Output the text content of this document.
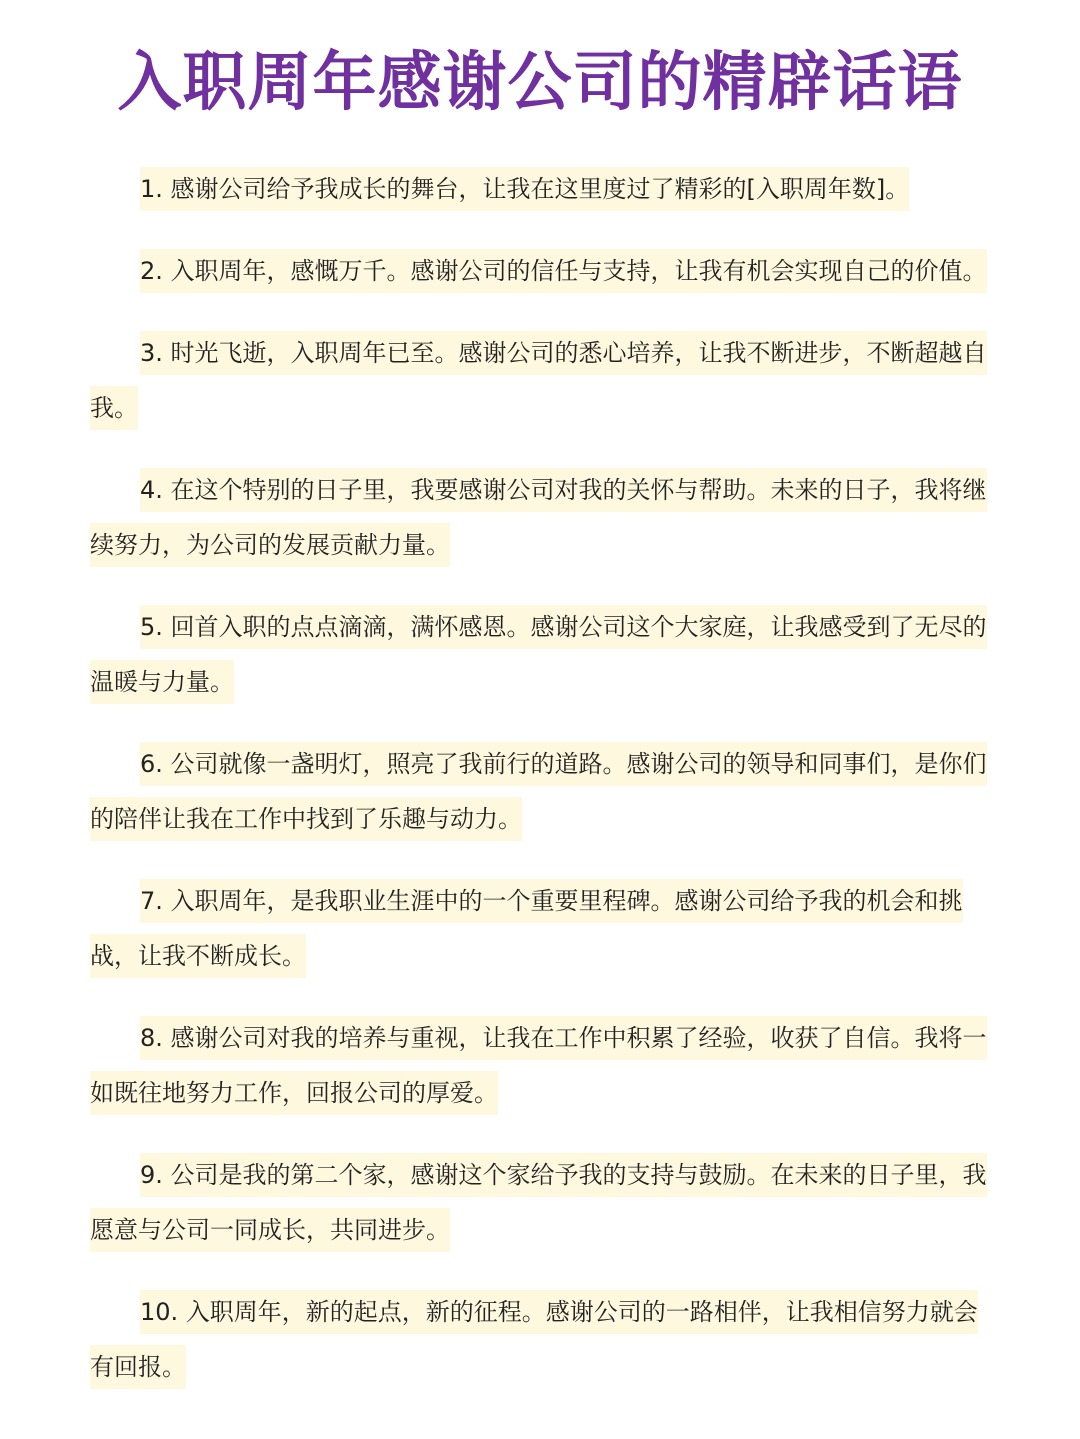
入职周年感谢公司的精辟话语

1. 感谢公司给予我成长的舞台，让我在这里度过了精彩的[入职周年数]。

2. 入职周年，感慨万千。感谢公司的信任与支持，让我有机会实现自己的价值。

3. 时光飞逝，入职周年已至。感谢公司的悉心培养，让我不断进步，不断超越自我。

4. 在这个特别的日子里，我要感谢公司对我的关怀与帮助。未来的日子，我将继续努力，为公司的发展贡献力量。

5. 回首入职的点点滴滴，满怀感恩。感谢公司这个大家庭，让我感受到了无尽的温暖与力量。

6. 公司就像一盏明灯，照亮了我前行的道路。感谢公司的领导和同事们，是你们的陪伴让我在工作中找到了乐趣与动力。

7. 入职周年，是我职业生涯中的一个重要里程碑。感谢公司给予我的机会和挑战，让我不断成长。

8. 感谢公司对我的培养与重视，让我在工作中积累了经验，收获了自信。我将一如既往地努力工作，回报公司的厚爱。

9. 公司是我的第二个家，感谢这个家给予我的支持与鼓励。在未来的日子里，我愿意与公司一同成长，共同进步。

10. 入职周年，新的起点，新的征程。感谢公司的一路相伴，让我相信努力就会有回报。
